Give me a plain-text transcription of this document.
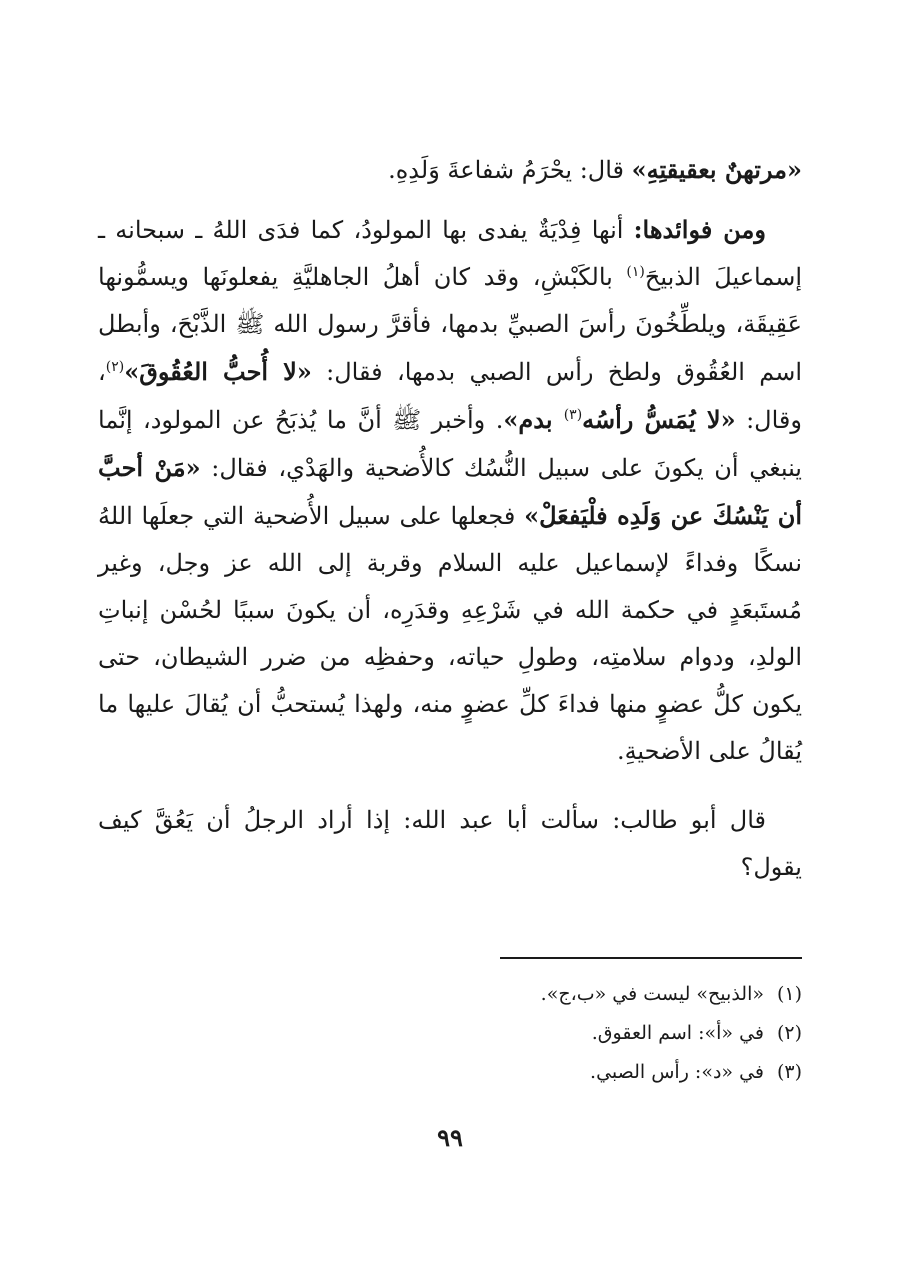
«مرتهنٌ بعقيقتِهِ» قال: يحْرَمُ شفاعةَ وَلَدِهِ.

ومن فوائدها: أنها فِدْيَةٌ يفدى بها المولودُ، كما فدَى اللهُ ـ سبحانه ـ إسماعيلَ الذبيحَ$^{(١)}$ بالكَبْشِ، وقد كان أهلُ الجاهليَّةِ يفعلونَها ويسمُّونها عَقِيقَة، ويلطِّخُونَ رأسَ الصبيِّ بدمها، فأقرَّ رسول الله ﷺ الذَّبْحَ، وأبطل اسم العُقُوق ولطخ رأس الصبي بدمها، فقال: «لا أُحبُّ العُقُوقَ»$^{(٢)}$، وقال: «لا يُمَسُّ رأسُه$^{(٣)}$ بدم». وأخبر ﷺ أنَّ ما يُذبَحُ عن المولود، إنَّما ينبغي أن يكونَ على سبيل النُّسُك كالأُضحية والهَدْي، فقال: «مَنْ أحبَّ أن يَنْسُكَ عن وَلَدِه فلْيَفعَلْ» فجعلها على سبيل الأُضحية التي جعلَها اللهُ نسكًا وفداءً لإسماعيل عليه السلام وقربة إلى الله عز وجل، وغير مُستَبعَدٍ في حكمة الله في شَرْعِهِ وقدَرِه، أن يكونَ سببًا لحُسْن إنباتِ الولدِ، ودوام سلامتِه، وطولِ حياته، وحفظِه من ضرر الشيطان، حتى يكون كلُّ عضوٍ منها فداءَ كلِّ عضوٍ منه، ولهذا يُستحبُّ أن يُقالَ عليها ما يُقالُ على الأضحيةِ.

قال أبو طالب: سألت أبا عبد الله: إذا أراد الرجلُ أن يَعُقَّ كيف يقول؟

(١)«الذبيح» ليست في «ب،ج».

(٢)في «أ»: اسم العقوق.

(٣)في «د»: رأس الصبي.

٩٩
